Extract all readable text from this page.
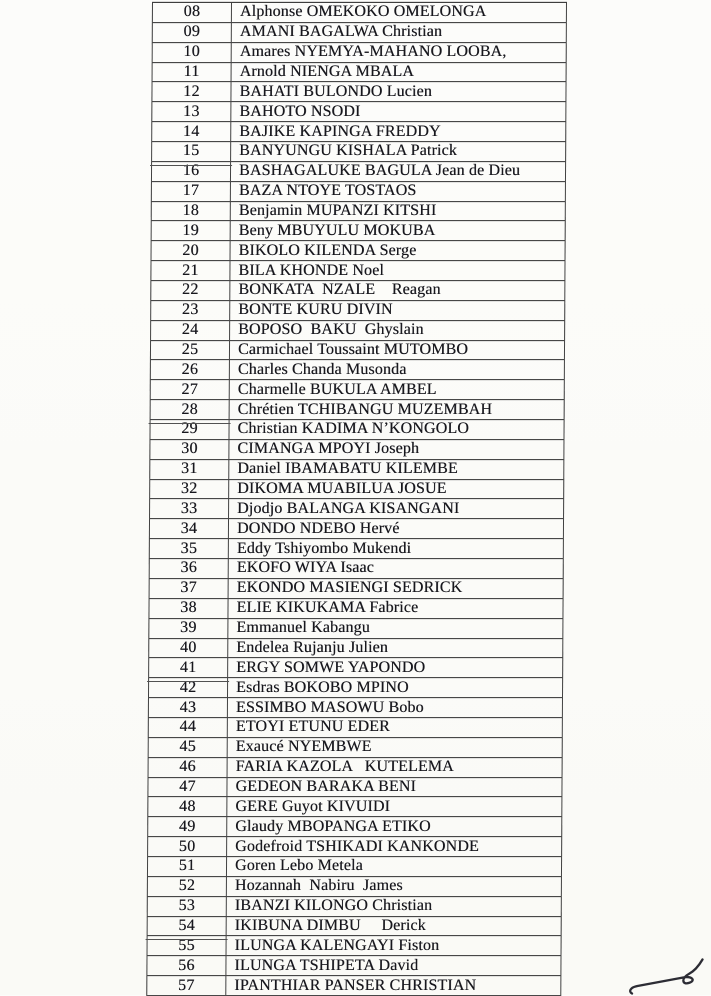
08	Alphonse OMEKOKO OMELONGA
09	AMANI BAGALWA Christian
10	Amares NYEMYA-MAHANO LOOBA,
11	Arnold NIENGA MBALA
12	BAHATI BULONDO Lucien
13	BAHOTO NSODI
14	BAJIKE KAPINGA FREDDY
15	BANYUNGU KISHALA Patrick
16	BASHAGALUKE BAGULA Jean de Dieu
17	BAZA NTOYE TOSTAOS
18	Benjamin MUPANZI KITSHI
19	Beny MBUYULU MOKUBA
20	BIKOLO KILENDA Serge
21	BILA KHONDE Noel
22	BONKATA  NZALE    Reagan
23	BONTE KURU DIVIN
24	BOPOSO  BAKU  Ghyslain
25	Carmichael Toussaint MUTOMBO
26	Charles Chanda Musonda
27	Charmelle BUKULA AMBEL
28	Chrétien TCHIBANGU MUZEMBAH
29	Christian KADIMA N’KONGOLO
30	CIMANGA MPOYI Joseph
31	Daniel IBAMABATU KILEMBE
32	DIKOMA MUABILUA JOSUE
33	Djodjo BALANGA KISANGANI
34	DONDO NDEBO Hervé
35	Eddy Tshiyombo Mukendi
36	EKOFO WIYA Isaac
37	EKONDO MASIENGI SEDRICK
38	ELIE KIKUKAMA Fabrice
39	Emmanuel Kabangu
40	Endelea Rujanju Julien
41	ERGY SOMWE YAPONDO
42	Esdras BOKOBO MPINO
43	ESSIMBO MASOWU Bobo
44	ETOYI ETUNU EDER
45	Exaucé NYEMBWE
46	FARIA KAZOLA   KUTELEMA
47	GEDEON BARAKA BENI
48	GERE Guyot KIVUIDI
49	Glaudy MBOPANGA ETIKO
50	Godefroid TSHIKADI KANKONDE
51	Goren Lebo Metela
52	Hozannah  Nabiru  James
53	IBANZI KILONGO Christian
54	IKIBUNA DIMBU     Derick
55	ILUNGA KALENGAYI Fiston
56	ILUNGA TSHIPETA David
57	IPANTHIAR PANSER CHRISTIAN
